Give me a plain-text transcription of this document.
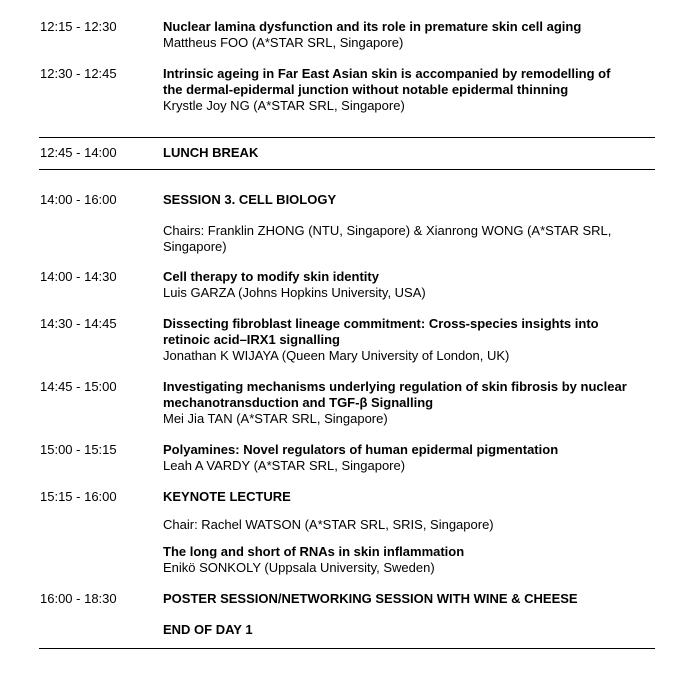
12:15 - 12:30	Nuclear lamina dysfunction and its role in premature skin cell aging
Mattheus FOO (A*STAR SRL, Singapore)
12:30 - 12:45	Intrinsic ageing in Far East Asian skin is accompanied by remodelling of
the dermal-epidermal junction without notable epidermal thinning
Krystle Joy NG (A*STAR SRL, Singapore)
12:45 - 14:00	LUNCH BREAK
14:00 - 16:00	SESSION 3. CELL BIOLOGY
Chairs: Franklin ZHONG (NTU, Singapore) & Xianrong WONG (A*STAR SRL,
Singapore)
14:00 - 14:30	Cell therapy to modify skin identity
Luis GARZA (Johns Hopkins University, USA)
14:30 - 14:45	Dissecting fibroblast lineage commitment: Cross-species insights into
retinoic acid–IRX1 signalling
Jonathan K WIJAYA (Queen Mary University of London, UK)
14:45 - 15:00	Investigating mechanisms underlying regulation of skin fibrosis by nuclear
mechanotransduction and TGF-β Signalling
Mei Jia TAN (A*STAR SRL, Singapore)
15:00 - 15:15	Polyamines: Novel regulators of human epidermal pigmentation
Leah A VARDY (A*STAR SRL, Singapore)
15:15 - 16:00	KEYNOTE LECTURE
Chair: Rachel WATSON (A*STAR SRL, SRIS, Singapore)
The long and short of RNAs in skin inflammation
Enikö SONKOLY (Uppsala University, Sweden)
16:00 - 18:30	POSTER SESSION/NETWORKING SESSION WITH WINE & CHEESE
END OF DAY 1
